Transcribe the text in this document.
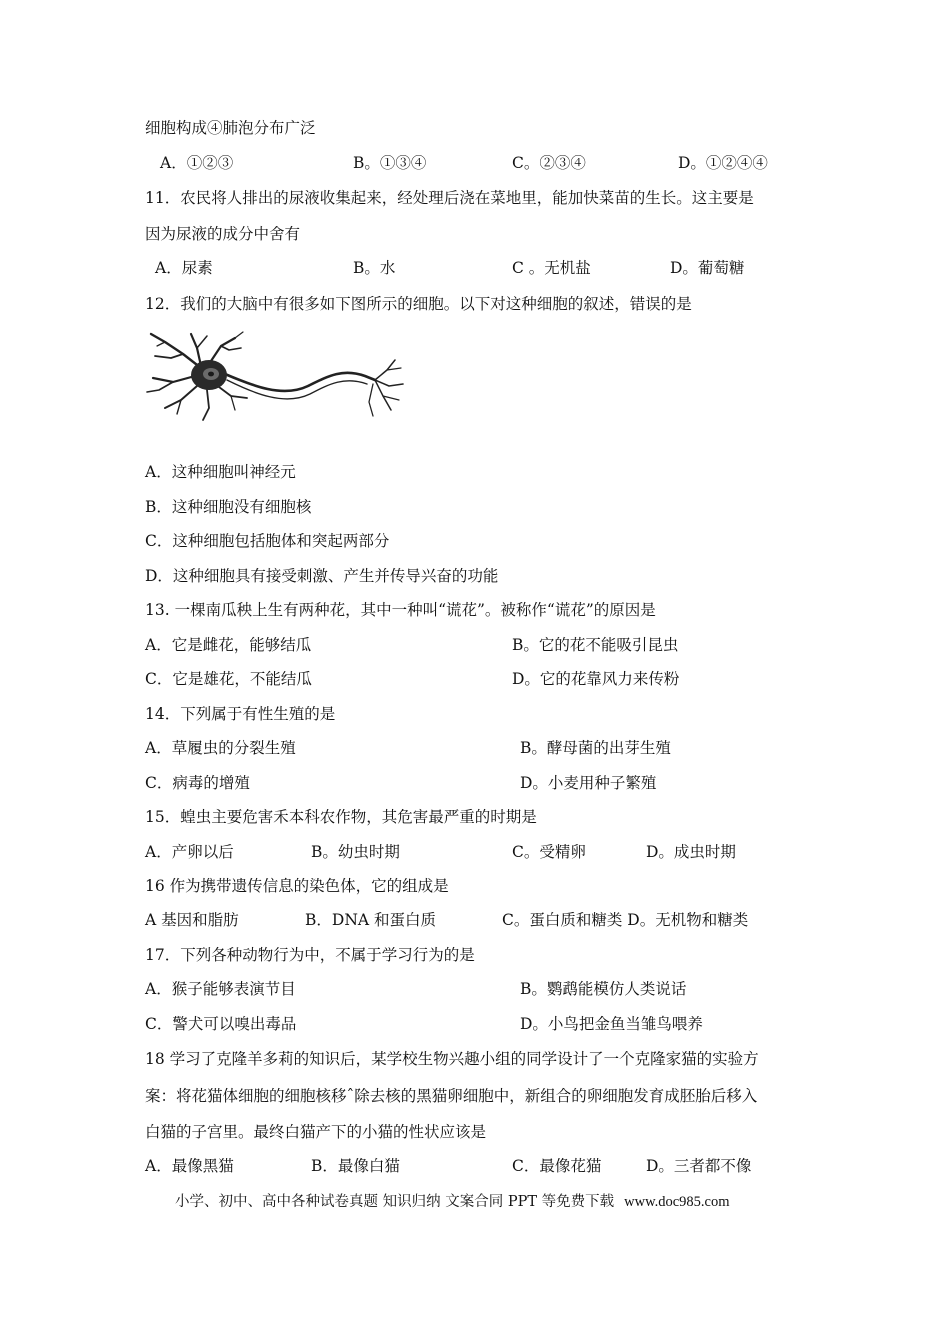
细胞构成④肺泡分布广泛
A．①②③	B。①③④	C。②③④	D。①②④④
11．农民将人排出的尿液收集起来，经处理后浇在菜地里，能加快菜苗的生长。这主要是
因为尿液的成分中舍有
A．尿素	B。水	C 。无机盐	D。葡萄糖
12．我们的大脑中有很多如下图所示的细胞。以下对这种细胞的叙述，错误的是
A．这种细胞叫神经元
B．这种细胞没有细胞核
C．这种细胞包括胞体和突起两部分
D．这种细胞具有接受刺激、产生并传导兴奋的功能
13. 一棵南瓜秧上生有两种花，其中一种叫“谎花”。被称作“谎花”的原因是
A．它是雌花，能够结瓜	B。它的花不能吸引昆虫
C．它是雄花，不能结瓜	D。它的花靠风力来传粉
14．下列属于有性生殖的是
A．草履虫的分裂生殖	B。酵母菌的出芽生殖
C．病毒的增殖	D。小麦用种子繁殖
15．蝗虫主要危害禾本科农作物，其危害最严重的时期是
A．产卵以后	B。幼虫时期	C。受精卵	D。成虫时期
16 作为携带遗传信息的染色体，它的组成是
A 基因和脂肪	B．DNA 和蛋白质	C。蛋白质和糖类 D。无机物和糖类
17．下列各种动物行为中，不属于学习行为的是
A．猴子能够表演节目	B。鹦鹉能模仿人类说话
C．警犬可以嗅出毒品	D。小鸟把金鱼当雏鸟喂养
18 学习了克隆羊多莉的知识后，某学校生物兴趣小组的同学设计了一个克隆家猫的实验方
案：将花猫体细胞的细胞核移ˆ除去核的黑猫卵细胞中，新组合的卵细胞发育成胚胎后移入
白猫的子宫里。最终白猫产下的小猫的性状应该是
A．最像黑猫	B．最像白猫	C．最像花猫	D。三者都不像
小学、初中、高中各种试卷真题 知识归纳 文案合同 PPT 等免费下载 www.doc985.com
